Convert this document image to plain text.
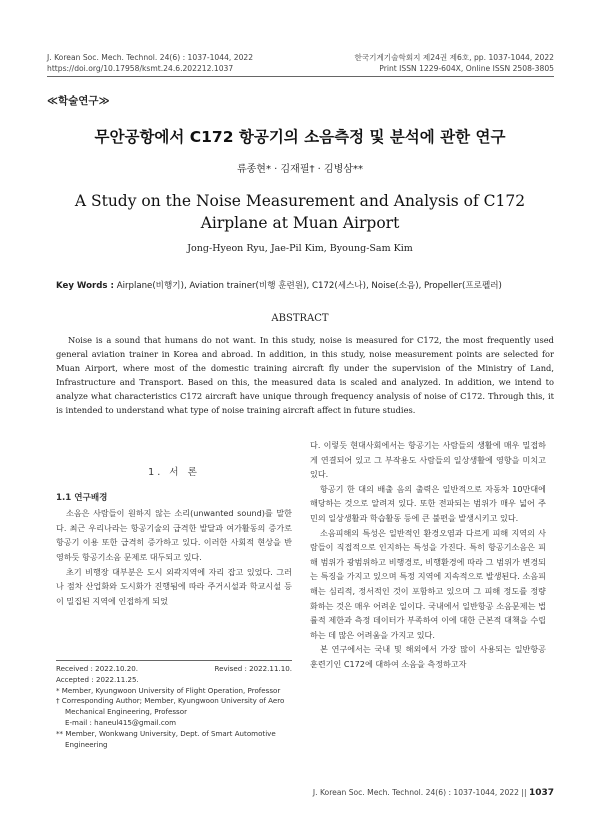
J. Korean Soc. Mech. Technol. 24(6) : 1037-1044, 2022
https://doi.org/10.17958/ksmt.24.6.202212.1037
한국기계기술학회지 제24권 제6호, pp. 1037-1044, 2022
Print ISSN 1229-604X, Online ISSN 2508-3805
≪학술연구≫
무안공항에서 C172 항공기의 소음측정 및 분석에 관한 연구
류종현* · 김재필† · 김병삼**
A Study on the Noise Measurement and Analysis of C172
Airplane at Muan Airport
Jong-Hyeon Ryu, Jae-Pil Kim, Byoung-Sam Kim
Key Words : Airplane(비행기), Aviation trainer(비행 훈련원), C172(세스나), Noise(소음), Propeller(프로펠러)
ABSTRACT
Noise is a sound that humans do not want. In this study, noise is measured for C172, the most frequently used general aviation trainer in Korea and abroad. In addition, in this study, noise measurement points are selected for Muan Airport, where most of the domestic training aircraft fly under the supervision of the Ministry of Land, Infrastructure and Transport. Based on this, the measured data is scaled and analyzed. In addition, we intend to analyze what characteristics C172 aircraft have unique through frequency analysis of noise of C172. Through this, it is intended to understand what type of noise training aircraft affect in future studies.
1. 서 론
1.1 연구배경

소음은 사람들이 원하지 않는 소리(unwanted sound)를 말한다. 최근 우리나라는 항공기술의 급격한 발달과 여가활동의 증가로 항공기 이용 또한 급격히 증가하고 있다. 이러한 사회적 현상을 반영하듯 항공기소음 문제로 대두되고 있다.

초기 비행장 대부분은 도시 외곽지역에 자리 잡고 있었다. 그러나 점차 산업화와 도시화가 진행됨에 따라 주거시설과 학교시설 등이 밀집된 지역에 인접하게 되었

다. 이렇듯 현대사회에서는 항공기는 사람들의 생활에 매우 밀접하게 연결되어 있고 그 부작용도 사람들의 일상생활에 영향을 미치고 있다.

항공기 한 대의 배출 음의 출력은 일반적으로 자동차 10만대에 해당하는 것으로 알려져 있다. 또한 전파되는 범위가 매우 넓어 주민의 일상생활과 학습활동 등에 큰 불편을 발생시키고 있다.

소음피해의 특성은 일반적인 환경오염과 다르게 피해 지역의 사람들이 직접적으로 인지하는 특성을 가진다. 특히 항공기소음은 피해 범위가 광범위하고 비행경로, 비행환경에 따라 그 범위가 변경되는 특징을 가지고 있으며 특정 지역에 지속적으로 발생된다. 소음피해는 심리적, 정서적인 것이 포함하고 있으며 그 피해 정도를 정량화하는 것은 매우 어려운 일이다. 국내에서 일반항공 소음문제는 법률적 제한과 측정 데이터가 부족하여 이에 대한 근본적 대책을 수립하는 데 많은 어려움을 가지고 있다.

본 연구에서는 국내 및 해외에서 가장 많이 사용되는 일반항공 훈련기인 C172에 대하여 소음을 측정하고자

Received : 2022.10.20.	Revised : 2022.11.10.
Accepted : 2022.11.25.
* Member, Kyungwoon University of Flight Operation, Professor
† Corresponding Author; Member, Kyungwoon University of Aero Mechanical Engineering, Professor
E-mail : haneul415@gmail.com
** Member, Wonkwang University, Dept. of Smart Automotive Engineering
J. Korean Soc. Mech. Technol. 24(6) : 1037-1044, 2022 || 1037
